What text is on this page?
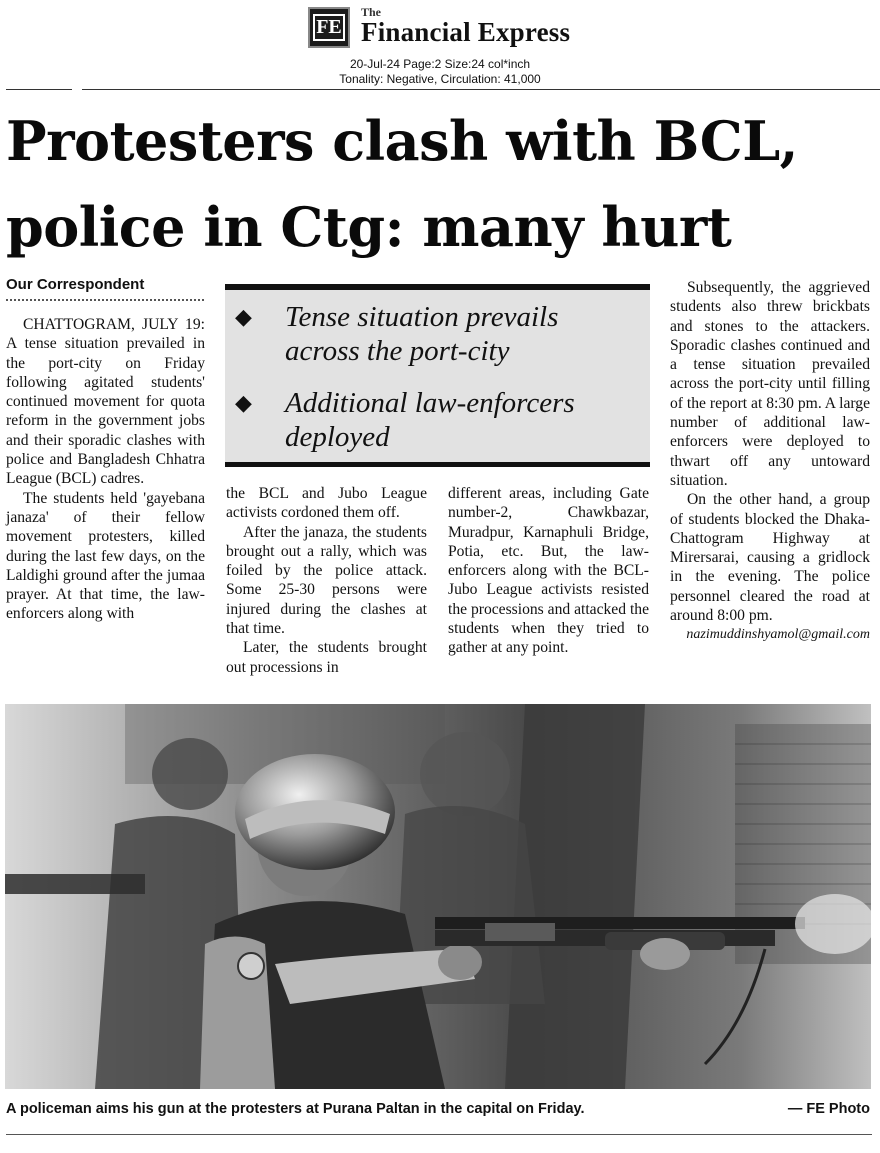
FE
The
Financial Express
20-Jul-24 Page:2 Size:24 col*inch
Tonality: Negative, Circulation: 41,000
Protesters clash with BCL,
police in Ctg: many hurt
Our Correspondent

CHATTOGRAM, JULY 19: A tense situation prevailed in the port-city on Friday following agitated students' continued movement for quota reform in the government jobs and their sporadic clashes with police and Bangladesh Chhatra League (BCL) cadres.

The students held 'gayebana janaza' of their fellow movement protesters, killed during the last few days, on the Laldighi ground after the jumaa prayer. At that time, the law-enforcers along with

◆ Tense situation prevails across the port-city
◆ Additional law-enforcers deployed

the BCL and Jubo League activists cordoned them off.

After the janaza, the students brought out a rally, which was foiled by the police attack. Some 25-30 persons were injured during the clashes at that time.

Later, the students brought out processions in

different areas, including Gate number-2, Chawkbazar, Muradpur, Karnaphuli Bridge, Potia, etc. But, the law-enforcers along with the BCL-Jubo League activists resisted the processions and attacked the students when they tried to gather at any point.

Subsequently, the aggrieved students also threw brickbats and stones to the attackers. Sporadic clashes continued and a tense situation prevailed across the port-city until filling of the report at 8:30 pm. A large number of additional law-enforcers were deployed to thwart off any untoward situation.

On the other hand, a group of students blocked the Dhaka-Chattogram Highway at Mirersarai, causing a gridlock in the evening. The police personnel cleared the road at around 8:00 pm.

nazimuddinshyamol@gmail.com

A policeman aims his gun at the protesters at Purana Paltan in the capital on Friday.	— FE Photo
